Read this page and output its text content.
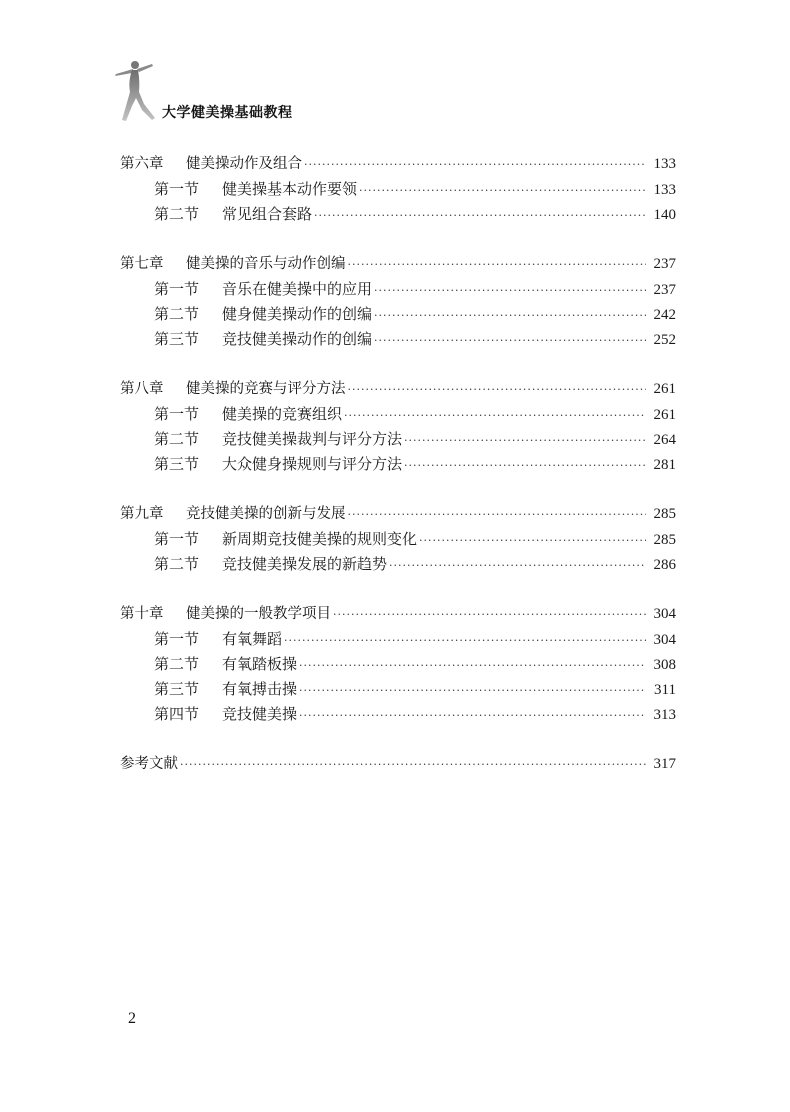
大学健美操基础教程
第六章	健美操动作及组合 ·····	133
第一节	健美操基本动作要领 ·····	133
第二节	常见组合套路 ·····	140
第七章	健美操的音乐与动作创编 ·····	237
第一节	音乐在健美操中的应用 ·····	237
第二节	健身健美操动作的创编 ·····	242
第三节	竞技健美操动作的创编 ·····	252
第八章	健美操的竞赛与评分方法 ·····	261
第一节	健美操的竞赛组织 ·····	261
第二节	竞技健美操裁判与评分方法 ·····	264
第三节	大众健身操规则与评分方法 ·····	281
第九章	竞技健美操的创新与发展 ·····	285
第一节	新周期竞技健美操的规则变化 ·····	285
第二节	竞技健美操发展的新趋势 ·····	286
第十章	健美操的一般教学项目 ·····	304
第一节	有氧舞蹈 ·····	304
第二节	有氧踏板操 ·····	308
第三节	有氧搏击操 ·····	311
第四节	竞技健美操 ·····	313
参考文献 ·····	317
2
